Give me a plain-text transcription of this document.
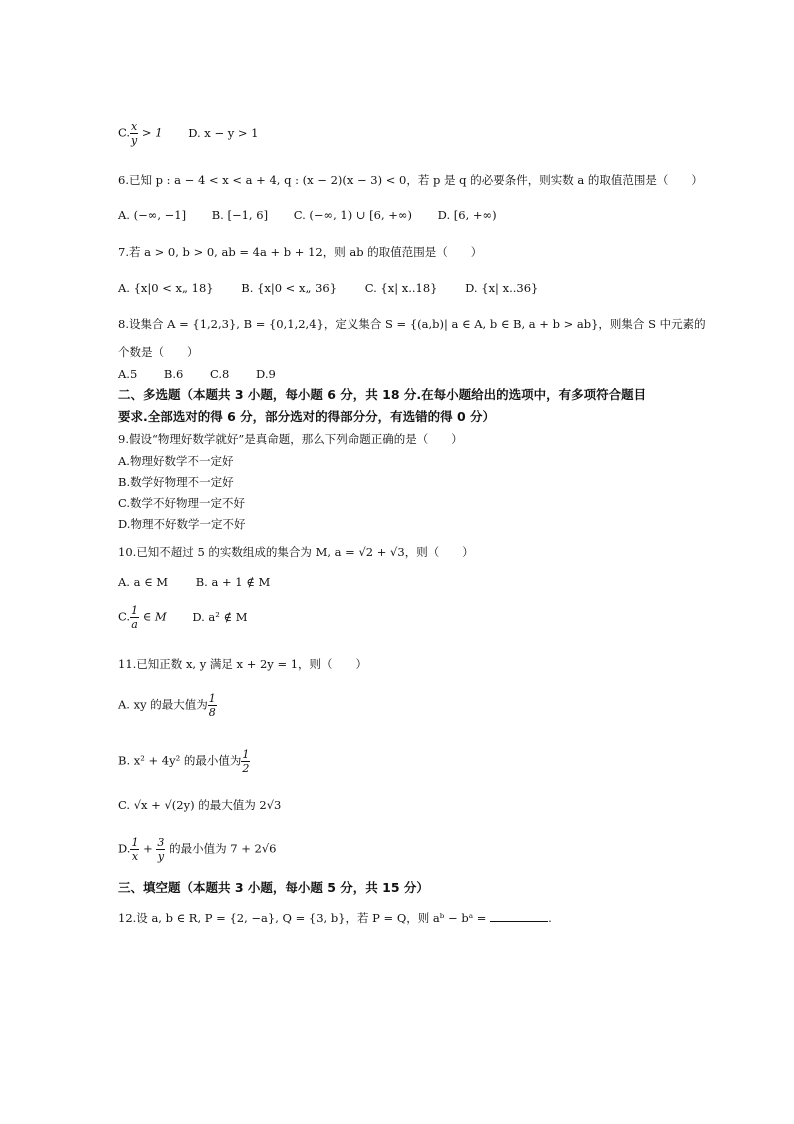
C. $\frac{x}{y} > 1$ D. x − y > 1
6.已知 p : a − 4 < x < a + 4, q : (x − 2)(x − 3) < 0，若 p 是 q 的必要条件，则实数 a 的取值范围是（　　）
A. (−∞, −1] B. [−1, 6] C. (−∞, 1) ∪ [6, +∞) D. [6, +∞)
7.若 a > 0, b > 0, ab = 4a + b + 12，则 ab 的取值范围是（　　）
A. {x|0 < x„ 18} B. {x|0 < x„ 36} C. {x| x..18} D. {x| x..36}
8.设集合 A = {1,2,3}, B = {0,1,2,4}，定义集合 S = {(a,b)| a ∈ A, b ∈ B, a + b > ab}，则集合 S 中元素的
个数是（　　）
A.5　　 B.6　　 C.8　　 D.9
二、多选题（本题共 3 小题，每小题 6 分，共 18 分.在每小题给出的选项中，有多项符合题目
要求.全部选对的得 6 分，部分选对的得部分分，有选错的得 0 分）
9.假设“物理好数学就好”是真命题，那么下列命题正确的是（　　）
A.物理好数学不一定好
B.数学好物理不一定好
C.数学不好物理一定不好
D.物理不好数学一定不好
10.已知不超过 5 的实数组成的集合为 M, a = √2 + √3，则（　　）
A. a ∈ M B. a + 1 ∉ M
C. $\frac{1}{a}$ ∈ M D. a² ∉ M
11.已知正数 x, y 满足 x + 2y = 1，则（　　）
A. xy 的最大值为 $\frac{1}{8}$
B. x² + 4y² 的最小值为 $\frac{1}{2}$
C. √x + √(2y) 的最大值为 2√3
D. $\frac{1}{x} + \frac{3}{y}$ 的最小值为 7 + 2√6
三、填空题（本题共 3 小题，每小题 5 分，共 15 分）
12.设 a, b ∈ R, P = {2, −a}, Q = {3, b}，若 P = Q，则 aᵇ − bᵃ =	.
